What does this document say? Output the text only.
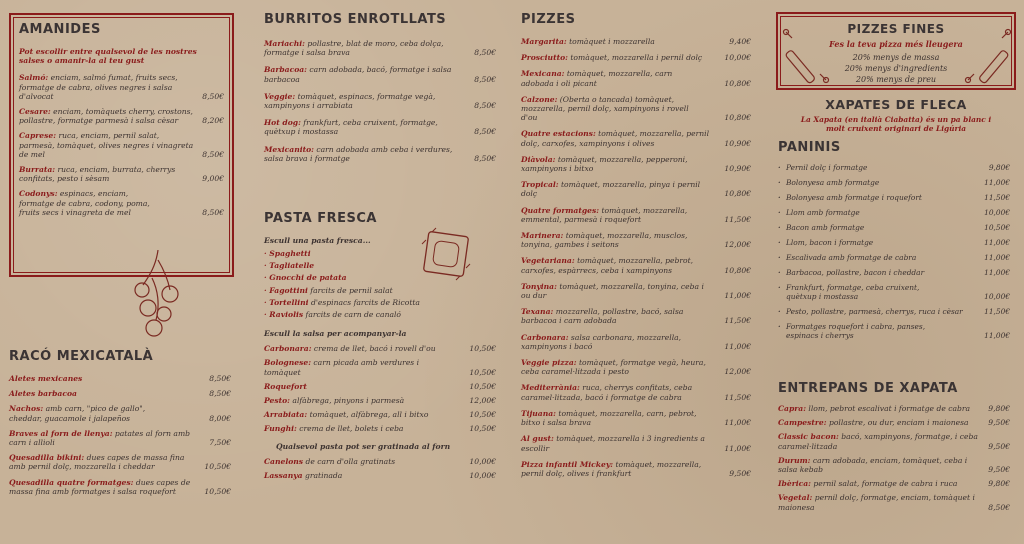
AMANIDES
Pot escollir entre qualsevol de les nostres salses o amanir-la al teu gust
Salmó: enciam, salmó fumat, fruits secs, formatge de cabra, olives negres i salsa d'alvocat	8,50€
Cesare: enciam, tomàquets cherry, crostons, pollastre, formatge parmesà i salsa cèsar	8,20€
Caprese: ruca, enciam, pernil salat, parmesà, tomàquet, olives negres i vinagreta de mel	8,50€
Burrata: ruca, enciam, burrata, cherrys confitats, pesto i sèsam	9,00€
Codonys: espinacs, enciam, formatge de cabra, codony, poma, fruits secs i vinagreta de mel	8,50€
RACÓ MEXICATALÀ
Aletes mexicanes	8,50€
Aletes barbacoa	8,50€
Nachos: amb carn, "pico de gallo", cheddar, guacamole i jalapeños	8,00€
Braves al forn de llenya: patates al forn amb carn i allioli	7,50€
Quesadilla bikini: dues capes de massa fina amb pernil dolç, mozzarella i cheddar	10,50€
Quesadilla quatre formatges: dues capes de massa fina amb formatges i salsa roquefort	10,50€
BURRITOS ENROTLLATS
Mariachi: pollastre, blat de moro, ceba dolça, formatge i salsa brava	8,50€
Barbacoa: carn adobada, bacó, formatge i salsa barbacoa	8,50€
Veggie: tomàquet, espinacs, formatge vegà, xampinyons i arrabiata	8,50€
Hot dog: frankfurt, ceba cruixent, formatge, quètxup i mostassa	8,50€
Mexicanito: carn adobada amb ceba i verdures, salsa brava i formatge	8,50€
PASTA FRESCA
Escull una pasta fresca...
· Spaghetti
· Tagliatelle
· Gnocchi de patata
· Fagottini farcits de pernil salat
· Tortellini d'espinacs farcits de Ricotta
· Raviolis farcits de carn de canaló
Escull la salsa per acompanyar-la
Carbonara: crema de llet, bacó i rovell d'ou	10,50€
Bolognese: carn picada amb verdures i tomàquet	10,50€
Roquefort	10,50€
Pesto: alfàbrega, pinyons i parmesà	12,00€
Arrabiata: tomàquet, alfàbrega, all i bitxo	10,50€
Funghi: crema de llet, bolets i ceba	10,50€
Qualsevol pasta pot ser gratinada al forn
Canelons de carn d'olla gratinats	10,00€
Lassanya gratinada	10,00€
PIZZES
Margarita: tomàquet i mozzarella	9,40€
Prosciutto: tomàquet, mozzarella i pernil dolç	10,00€
Mexicana: tomàquet, mozzarella, carn adobada i oli picant	10,80€
Calzone: (Oberta o tancada) tomàquet, mozzarella, pernil dolç, xampinyons i rovell d'ou	10,80€
Quatre estacions: tomàquet, mozzarella, pernil dolç, carxofes, xampinyons i olives	10,90€
Diàvola: tomàquet, mozzarella, pepperoni, xampinyons i bitxo	10,90€
Tropical: tomàquet, mozzarella, pinya i pernil dolç	10,80€
Quatre formatges: tomàquet, mozzarella, emmental, parmesà i roquefort	11,50€
Marinera: tomàquet, mozzarella, musclos, tonyina, gambes i seitons	12,00€
Vegetariana: tomàquet, mozzarella, pebrot, carxofes, espàrrecs, ceba i xampinyons	10,80€
Tonyina: tomàquet, mozzarella, tonyina, ceba i ou dur	11,00€
Texana: mozzarella, pollastre, bacó, salsa barbacoa i carn adobada	11,50€
Carbonara: salsa carbonara, mozzarella, xampinyons i bacó	11,00€
Veggie pizza: tomàquet, formatge vegà, heura, ceba caramel·litzada i pesto	12,00€
Mediterrània: ruca, cherrys confitats, ceba caramel·litzada, bacó i formatge de cabra	11,50€
Tijuana: tomàquet, mozzarella, carn, pebrot, bitxo i salsa brava	11,00€
Al gust: tomàquet, mozzarella i 3 ingredients a escollir	11,00€
Pizza infantil Mickey: tomàquet, mozzarella, pernil dolç, olives i frankfurt	9,50€
PIZZES FINES
Fes la teva pizza més lleugera
20% menys de massa
20% menys d'ingredients
20% menys de preu
XAPATES DE FLECA
La Xapata (en italià Ciabatta) és un pa blanc i molt cruixent originari de Ligúria
PANINIS
· Pernil dolç i formatge	9,80€
· Bolonyesa amb formatge	11,00€
· Bolonyesa amb formatge i roquefort	11,50€
· Llom amb formatge	10,00€
· Bacon amb formatge	10,50€
· Llom, bacon i formatge	11,00€
· Escalivada amb formatge de cabra	11,00€
· Barbacoa, pollastre, bacon i cheddar	11,00€
· Frankfurt, formatge, ceba cruixent, quètxup i mostassa	10,00€
· Pesto, pollastre, parmesà, cherrys, ruca i cèsar	11,50€
· Formatges roquefort i cabra, panses, espinacs i cherrys	11,00€
ENTREPANS DE XAPATA
Capra: llom, pebrot escalivat i formatge de cabra 9,80€
Campestre: pollastre, ou dur, enciam i maionesa	9,50€
Classic bacon: bacó, xampinyons, formatge, i ceba caramel·litzada	9,50€
Durum: carn adobada, enciam, tomàquet, ceba i salsa kebab	9,50€
Ibèrica: pernil salat, formatge de cabra i ruca	9,80€
Vegetal: pernil dolç, formatge, enciam, tomàquet i maionesa	8,50€
